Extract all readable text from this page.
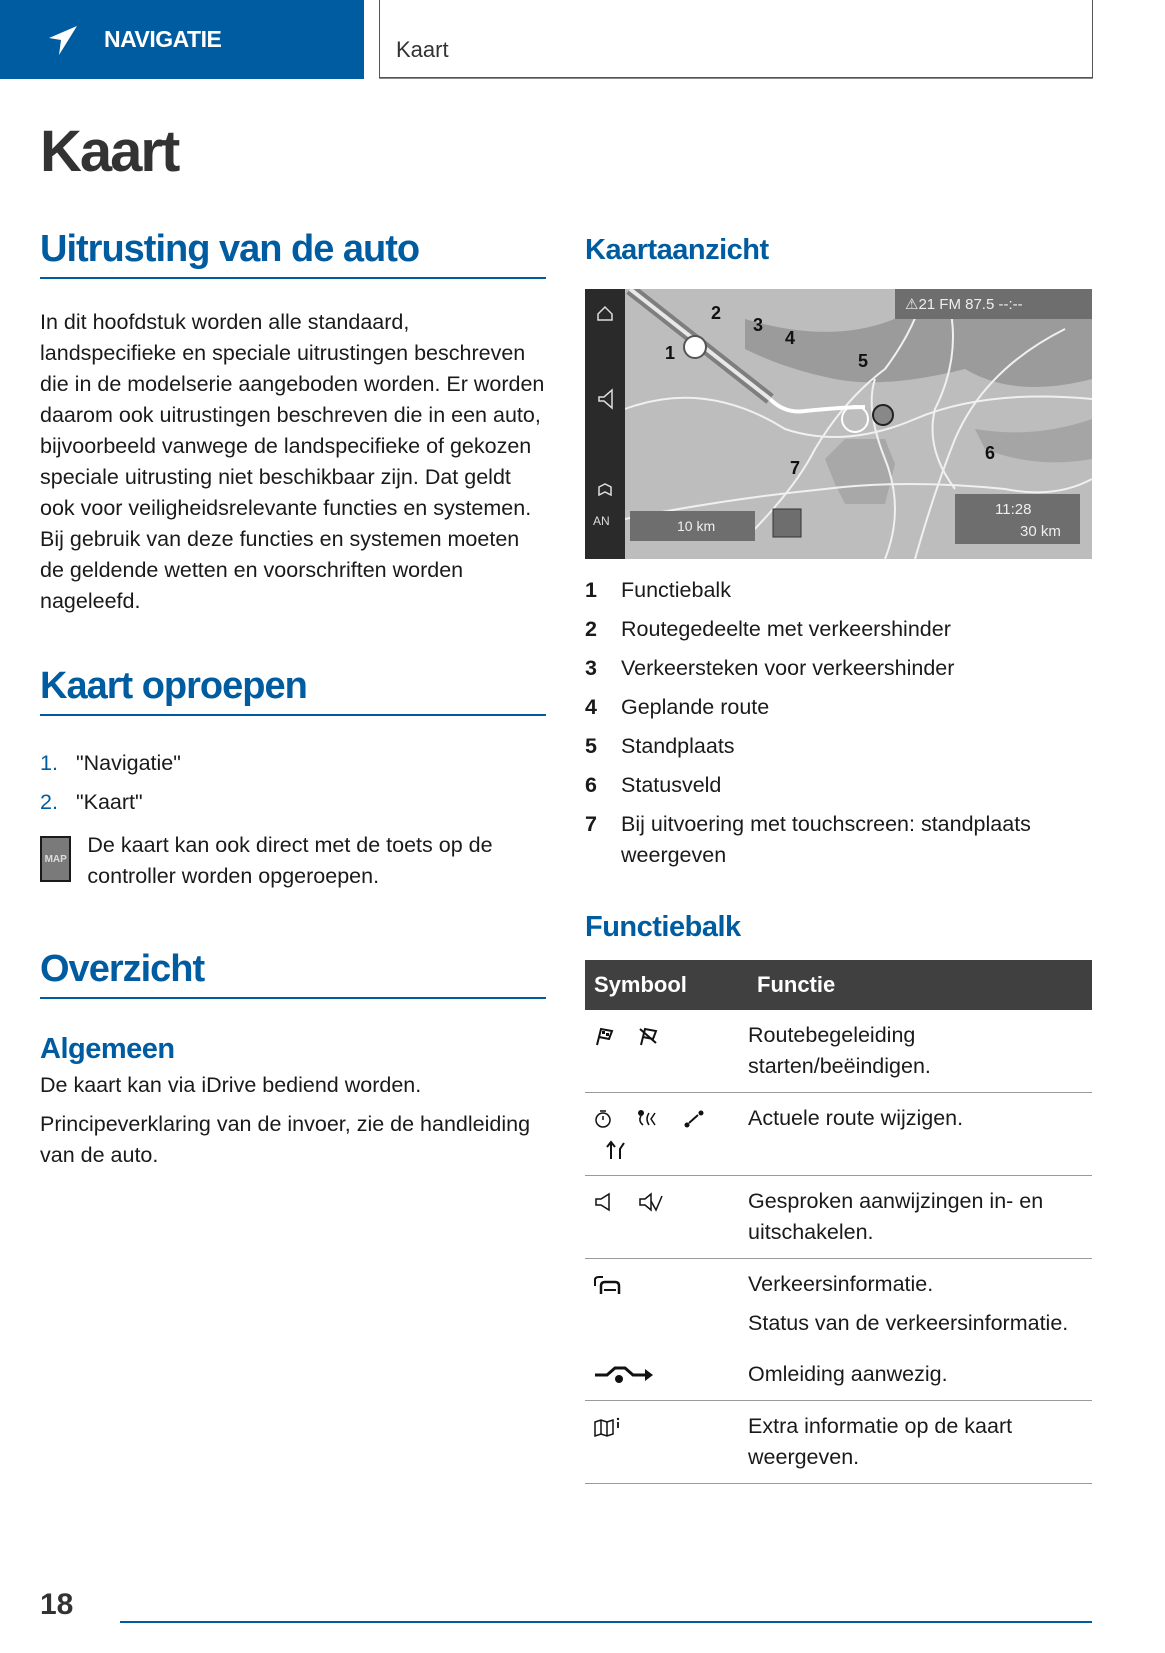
NAVIGATIE	Kaart
Kaart
Uitrusting van de auto

In dit hoofdstuk worden alle standaard, landspecifieke en speciale uitrustingen beschreven die in de modelserie aangeboden worden. Er worden daarom ook uitrustingen beschreven die in een auto, bijvoorbeeld vanwege de landspecifieke of gekozen speciale uitrusting niet beschikbaar zijn. Dat geldt ook voor veiligheidsrelevante functies en systemen. Bij gebruik van deze functies en systemen moeten de geldende wetten en voorschriften worden nageleefd.

Kaart oproepen
1. "Navigatie"
2. "Kaart"
MAP

De kaart kan ook direct met de toets op de controller worden opgeroepen.

Overzicht
Algemeen

De kaart kan via iDrive bediend worden.

Principeverklaring van de invoer, zie de handleiding van de auto.

Kaartaanzicht
AN	10 km
⚠21 FM 87.5 --:--
11:28
30 km
1
2
3
4
5
6
7
1	Functiebalk
2	Routegedeelte met verkeershinder
3	Verkeersteken voor verkeershinder
4	Geplande route
5	Standplaats
6	Statusveld
7	Bij uitvoering met touchscreen: standplaats weergeven
Functiebalk
Symbool	Functie
	Routebegeleiding starten/beëindigen.

	Actuele route wijzigen.
	Gesproken aanwijzingen in- en uitschakelen.
	Verkeersinformatie.
Status van de verkeersinformatie.

	Omleiding aanwezig.
	Extra informatie op de kaart weergeven.
18
